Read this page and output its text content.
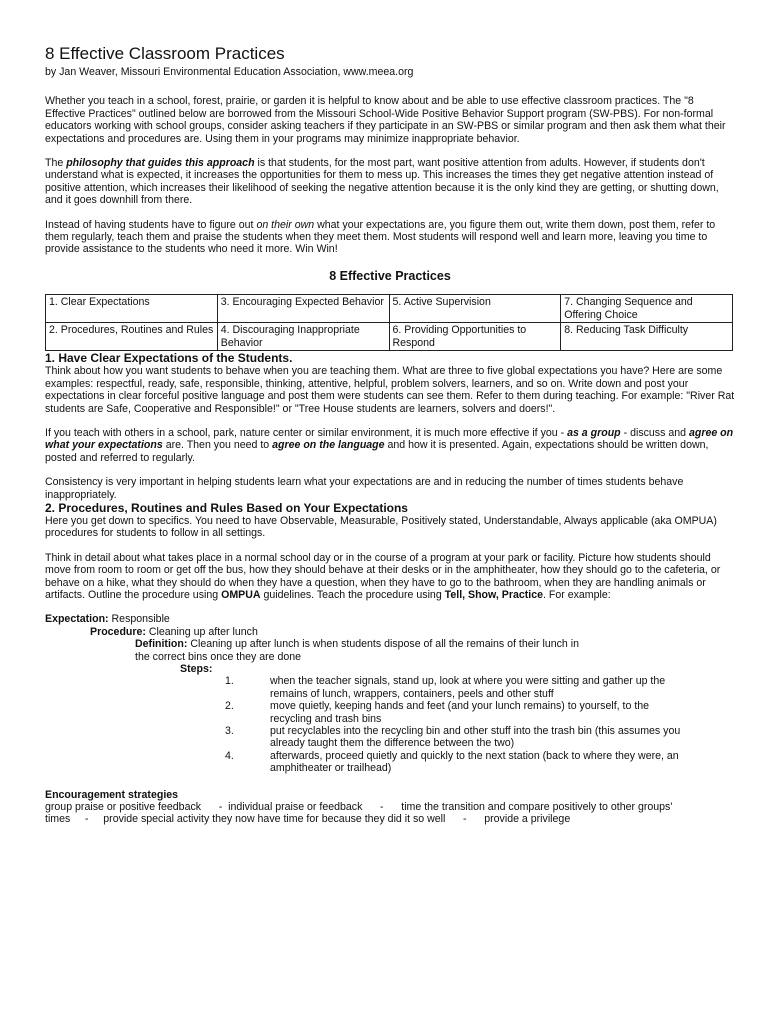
8 Effective Classroom Practices

by Jan Weaver, Missouri Environmental Education Association, www.meea.org

Whether you teach in a school, forest, prairie, or garden it is helpful to know about and be able to use effective classroom practices. The "8 Effective Practices" outlined below are borrowed from the Missouri School-Wide Positive Behavior Support program (SW-PBS). For non-formal educators working with school groups, consider asking teachers if they participate in an SW-PBS or similar program and then ask them what their expectations and procedures are. Using them in your programs may minimize inappropriate behavior.

The philosophy that guides this approach is that students, for the most part, want positive attention from adults. However, if students don't understand what is expected, it increases the opportunities for them to mess up. This increases the times they get negative attention instead of positive attention, which increases their likelihood of seeking the negative attention because it is the only kind they are getting, or shutting down, and it goes downhill from there.

Instead of having students have to figure out on their own what your expectations are, you figure them out, write them down, post them, refer to them regularly, teach them and praise the students when they meet them. Most students will respond well and learn more, leaving you time to provide assistance to the students who need it more. Win Win!

8 Effective Practices
1. Clear Expectations	3. Encouraging Expected Behavior	5. Active Supervision	7. Changing Sequence and Offering Choice
2. Procedures, Routines and Rules	4. Discouraging Inappropriate Behavior	6. Providing Opportunities to Respond	8. Reducing Task Difficulty
1. Have Clear Expectations of the Students.

Think about how you want students to behave when you are teaching them. What are three to five global expectations you have? Here are some examples: respectful, ready, safe, responsible, thinking, attentive, helpful, problem solvers, learners, and so on. Write down and post your expectations in clear forceful positive language and post them were students can see them. Refer to them during teaching. For example: "River Rat students are Safe, Cooperative and Responsible!" or "Tree House students are learners, solvers and doers!".

If you teach with others in a school, park, nature center or similar environment, it is much more effective if you - as a group - discuss and agree on what your expectations are. Then you need to agree on the language and how it is presented. Again, expectations should be written down, posted and referred to regularly.

Consistency is very important in helping students learn what your expectations are and in reducing the number of times students behave inappropriately.

2. Procedures, Routines and Rules Based on Your Expectations

Here you get down to specifics. You need to have Observable, Measurable, Positively stated, Understandable, Always applicable (aka OMPUA) procedures for students to follow in all settings.

Think in detail about what takes place in a normal school day or in the course of a program at your park or facility. Picture how students should move from room to room or get off the bus, how they should behave at their desks or in the amphitheater, how they should go to the cafeteria, or behave on a hike, what they should do when they have a question, when they have to go to the bathroom, when they are handling animals or artifacts. Outline the procedure using OMPUA guidelines. Teach the procedure using Tell, Show, Practice. For example:

Expectation: Responsible
Procedure: Cleaning up after lunch
Definition: Cleaning up after lunch is when students dispose of all the remains of their lunch in
the correct bins once they are done
Steps:
1.	when the teacher signals, stand up, look at where you were sitting and gather up the
remains of lunch, wrappers, containers, peels and other stuff
2.	move quietly, keeping hands and feet (and your lunch remains) to yourself, to the
recycling and trash bins
3.	put recyclables into the recycling bin and other stuff into the trash bin (this assumes you
already taught them the difference between the two)
4.	afterwards, proceed quietly and quickly to the next station (back to where they were, an
amphitheater or trailhead)
Encouragement strategies
group praise or positive feedback      -  individual praise or feedback      -      time the transition and compare positively to other groups'
times     -     provide special activity they now have time for because they did it so well      -      provide a privilege
